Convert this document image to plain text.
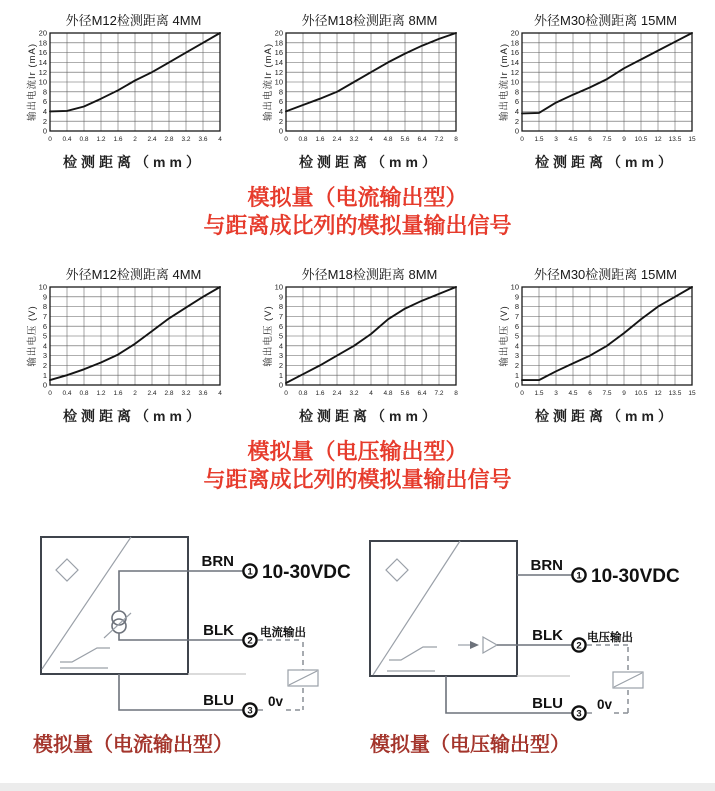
外径M12检测距离 4MM
0 0.4 0.8 1.2 1.6 2 2.4 2.8 3.2 3.6 4
0
2
4
6
8
10
12
14
16
18
20
检测距离（mm）
输出电流Ir (mA)
外径M18检测距离 8MM
0 0.8 1.6 2.4 3.2 4 4.8 5.6 6.4 7.2 8
0
2
4
6
8
10
12
14
16
18
20
检测距离（mm）
输出电流Ir (mA)
外径M30检测距离 15MM
0 1.5 3 4.5 6 7.5 9 10.5 12 13.5 15
0
2
4
6
8
10
12
14
16
18
20
检测距离（mm）
输出电流Ir (mA)
模拟量（电流输出型）
与距离成比列的模拟量输出信号
外径M12检测距离 4MM
0 0.4 0.8 1.2 1.6 2 2.4 2.8 3.2 3.6 4
0
1
2
3
4
5
6
7
8
9
10
检测距离（mm）
输出电压 (V)
外径M18检测距离 8MM
0 0.8 1.6 2.4 3.2 4 4.8 5.6 6.4 7.2 8
0
1
2
3
4
5
6
7
8
9
10
检测距离（mm）
输出电压 (V)
外径M30检测距离 15MM
0 1.5 3 4.5 6 7.5 9 10.5 12 13.5 15
0
1
2
3
4
5
6
7
8
9
10
检测距离（mm）
输出电压 (V)
模拟量（电压输出型）
与距离成比列的模拟量输出信号
1
2
3
BRN
BLK
BLU
10-30VDC
电流输出
0v
1
2
3
BRN
BLK
BLU
10-30VDC
电压输出
0v
模拟量（电流输出型）	模拟量（电压输出型）
